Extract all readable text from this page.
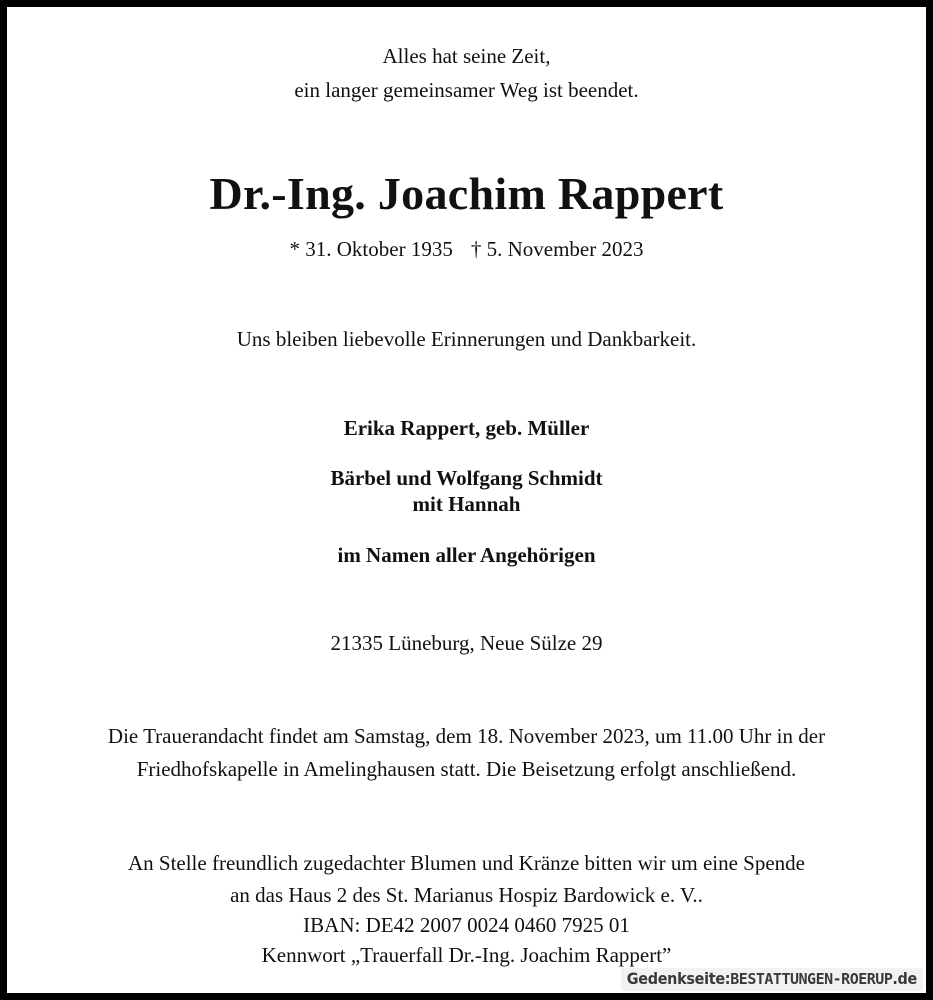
Alles hat seine Zeit,
ein langer gemeinsamer Weg ist beendet.
Dr.-Ing. Joachim Rappert
* 31. Oktober 1935 † 5. November 2023
Uns bleiben liebevolle Erinnerungen und Dankbarkeit.
Erika Rappert, geb. Müller
Bärbel und Wolfgang Schmidt
mit Hannah
im Namen aller Angehörigen
21335 Lüneburg, Neue Sülze 29
Die Trauerandacht findet am Samstag, dem 18. November 2023, um 11.00 Uhr in der
Friedhofskapelle in Amelinghausen statt. Die Beisetzung erfolgt anschließend.
An Stelle freundlich zugedachter Blumen und Kränze bitten wir um eine Spende
an das Haus 2 des St. Marianus Hospiz Bardowick e. V..
IBAN: DE42 2007 0024 0460 7925 01
Kennwort „Trauerfall Dr.-Ing. Joachim Rappert”
Gedenkseite:BESTATTUNGEN-ROERUP.de
